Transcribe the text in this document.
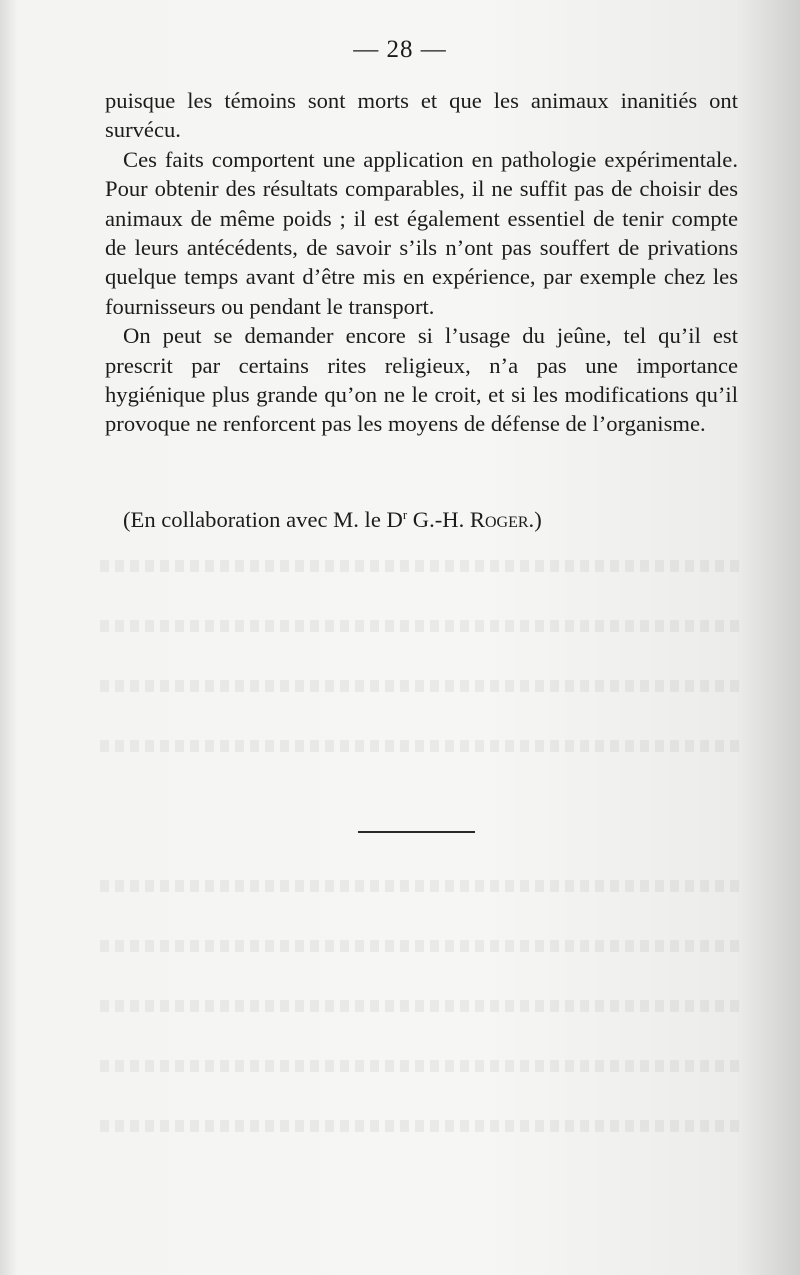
— 28 —

puisque les témoins sont morts et que les animaux inanitiés ont survécu.

Ces faits comportent une application en pathologie expérimentale. Pour obtenir des résultats comparables, il ne suffit pas de choisir des animaux de même poids ; il est également essentiel de tenir compte de leurs antécédents, de savoir s’ils n’ont pas souffert de privations quelque temps avant d’être mis en expérience, par exemple chez les fournisseurs ou pendant le transport.

On peut se demander encore si l’usage du jeûne, tel qu’il est prescrit par certains rites religieux, n’a pas une importance hygiénique plus grande qu’on ne le croit, et si les modifications qu’il provoque ne renforcent pas les moyens de défense de l’organisme.

(En collaboration avec M. le $D^r$ G.-H. Roger.)
